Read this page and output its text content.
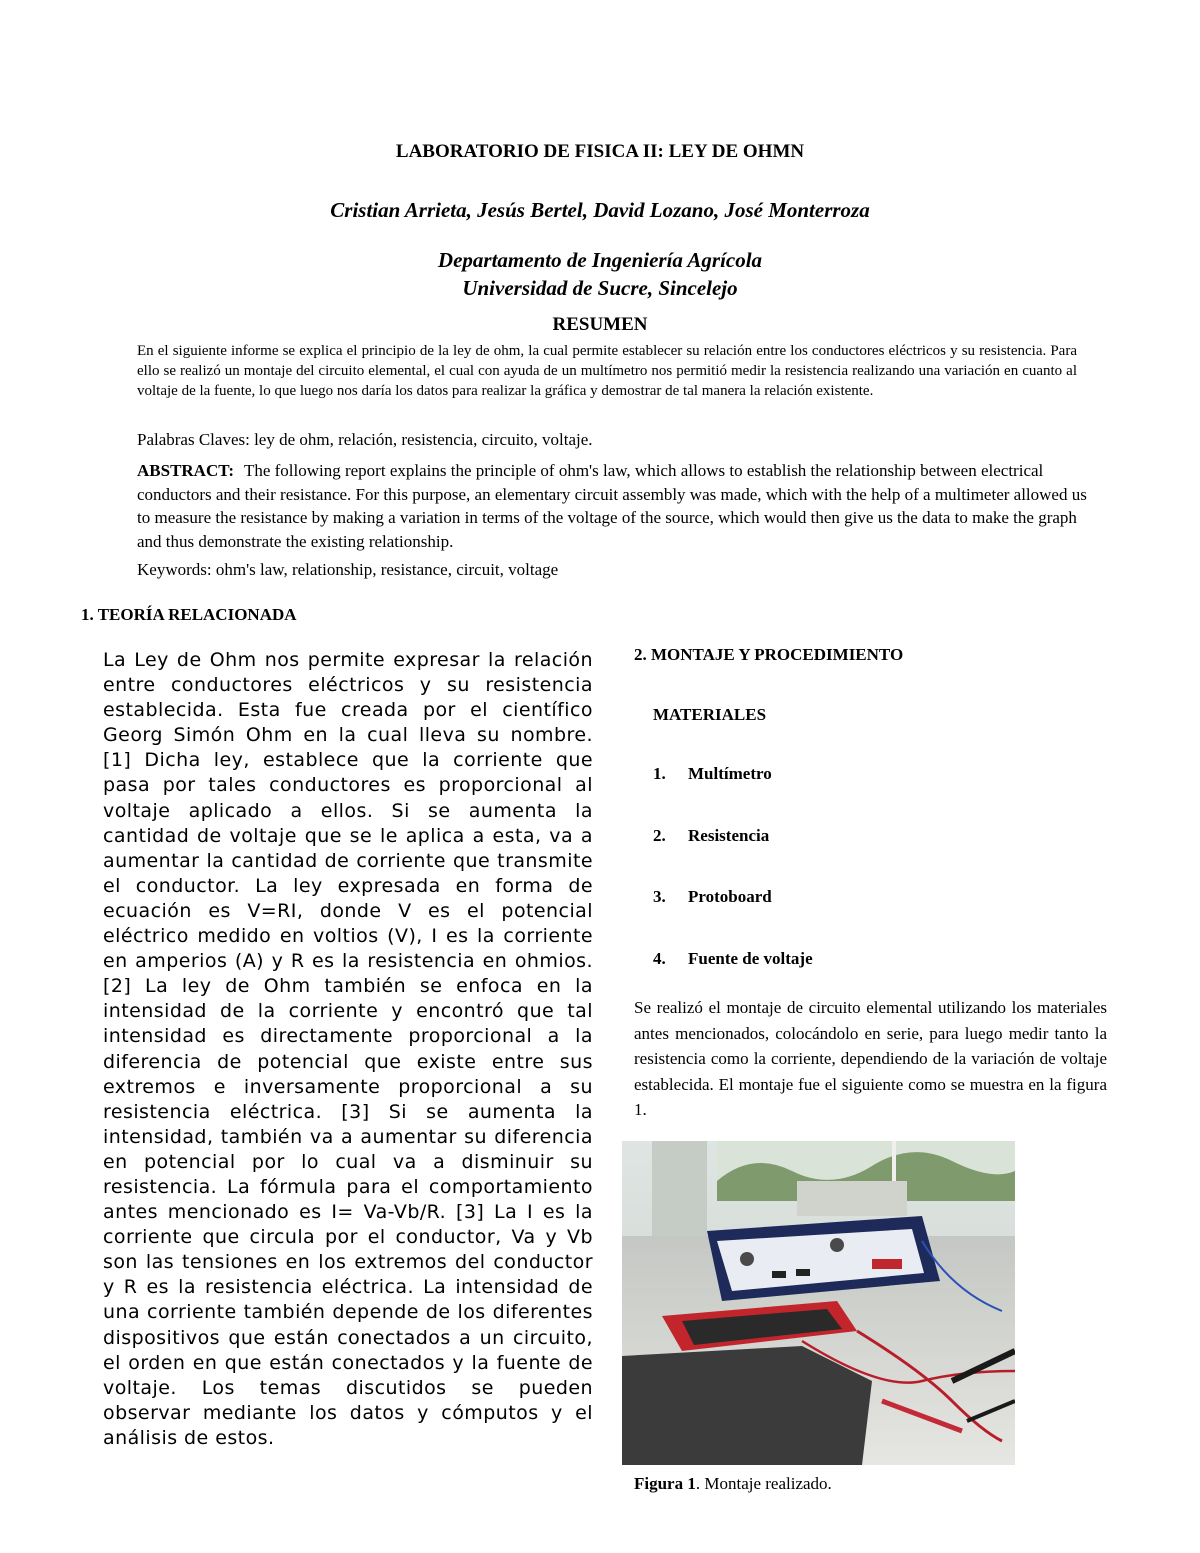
LABORATORIO DE FISICA II: LEY DE OHMN
Cristian Arrieta, Jesús Bertel, David Lozano, José Monterroza
Departamento de Ingeniería Agrícola
Universidad de Sucre, Sincelejo
RESUMEN
En el siguiente informe se explica el principio de la ley de ohm, la cual permite establecer su relación entre los conductores eléctricos y su resistencia. Para ello se realizó un montaje del circuito elemental, el cual con ayuda de un multímetro nos permitió medir la resistencia realizando una variación en cuanto al voltaje de la fuente, lo que luego nos daría los datos para realizar la gráfica y demostrar de tal manera la relación existente.
Palabras Claves: ley de ohm, relación, resistencia, circuito, voltaje.
ABSTRACT: The following report explains the principle of ohm's law, which allows to establish the relationship between electrical conductors and their resistance. For this purpose, an elementary circuit assembly was made, which with the help of a multimeter allowed us to measure the resistance by making a variation in terms of the voltage of the source, which would then give us the data to make the graph and thus demonstrate the existing relationship.
Keywords: ohm's law, relationship, resistance, circuit, voltage
1. TEORÍA RELACIONADA
La Ley de Ohm nos permite expresar la relación entre conductores eléctricos y su resistencia establecida. Esta fue creada por el científico Georg Simón Ohm en la cual lleva su nombre. [1] Dicha ley, establece que la corriente que pasa por tales conductores es proporcional al voltaje aplicado a ellos. Si se aumenta la cantidad de voltaje que se le aplica a esta, va a aumentar la cantidad de corriente que transmite el conductor. La ley expresada en forma de ecuación es V=RI, donde V es el potencial eléctrico medido en voltios (V), I es la corriente en amperios (A) y R es la resistencia en ohmios. [2] La ley de Ohm también se enfoca en la intensidad de la corriente y encontró que tal intensidad es directamente proporcional a la diferencia de potencial que existe entre sus extremos e inversamente proporcional a su resistencia eléctrica. [3] Si se aumenta la intensidad, también va a aumentar su diferencia en potencial por lo cual va a disminuir su resistencia. La fórmula para el comportamiento antes mencionado es I= Va-Vb/R. [3] La I es la corriente que circula por el conductor, Va y Vb son las tensiones en los extremos del conductor y R es la resistencia eléctrica. La intensidad de una corriente también depende de los diferentes dispositivos que están conectados a un circuito, el orden en que están conectados y la fuente de voltaje. Los temas discutidos se pueden observar mediante los datos y cómputos y el análisis de estos.
2. MONTAJE Y PROCEDIMIENTO
MATERIALES
1. Multímetro
2. Resistencia
3. Protoboard
4. Fuente de voltaje
Se realizó el montaje de circuito elemental utilizando los materiales antes mencionados, colocándolo en serie, para luego medir tanto la resistencia como la corriente, dependiendo de la variación de voltaje establecida. El montaje fue el siguiente como se muestra en la figura 1.
Figura 1. Montaje realizado.
